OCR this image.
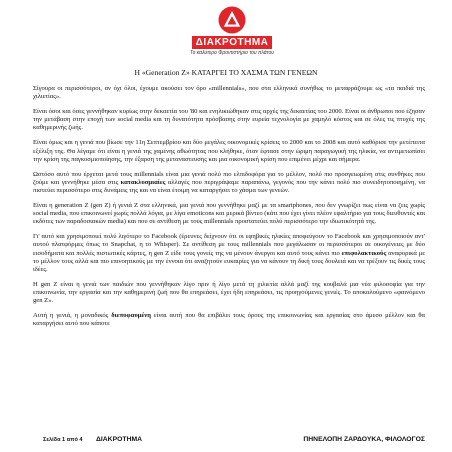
ΔΙΑΚΡΟΤΗΜΑ
Το καλύτερο Φροντιστήριο του πλάτου
Η «Generation Z» ΚΑΤΑΡΓΕΙ ΤΟ ΧΑΣΜΑ ΤΩΝ ΓΕΝΕΩΝ

Σίγουρα οι περισσότεροι, αν όχι όλοι, έχουμε ακούσει τον όρο «millennials», που στα ελληνικά συνήθως το μεταφράζουμε ως «τα παιδιά της χιλιετίας».

Είναι όσοι και όσες γεννήθηκαν κυρίως στην δεκαετία του '80 και ενηλικιώθηκαν στις αρχές της δεκαετίας του 2000. Είναι οι άνθρωποι που έζησαν την μετάβαση στην εποχή των social media και τη δυνατότητα πρόσβασης στην ευρεία τεχνολογία με χαμηλό κόστος και σε όλες τις πτυχές της καθημερινής ζωής.

Είναι όμως και η γενιά που βίωσε την 11η Σεπτεμβρίου και δύο μεγάλες οικονομικές κρίσεις το 2000 και το 2008 και αυτό καθόρισε την μετέπειτα εξέλιξη της. Θα λέγαμε ότι είναι η γενιά της χαμένης αθωότητας που κλήθηκε, όταν έφτασε στην ώριμη παραγωγική της ηλικία, να αντιμετωπίσει την κρίση της παγκοσμιοποίησης, την έξαρση της μεταναστευσης και μια οικονομική κρίση που επιμένει μέχρι και σήμερα.

Ωστόσο αυτό που έρχεται μετά τους millennials είναι μια γενιά πολύ πιο ελπιδοφόρα για το μέλλον, πολύ πιο προσγειωμένη στις συνθήκες που ζούμε και γεννήθηκε μέσα στις κατακλυσμιαίες αλλαγές που περιγράψαμε παραπάνω, γεγονός που την κάνει πολύ πιο συνειδητοποιημένη, να πιστεύει περισσότερο στις δυνάμεις της και να είναι έτοιμη να καταργήσει το χάσμα των γενεών.

Είναι η generation Z (gen Z) ή γενιά Z στα ελληνικά, μια γενιά που γεννήθηκε μαζί με τα smartphones, που δεν γνωρίζει πως είναι να ζεις χωρίς social media, που επικοινωνεί χωρίς πολλά λόγια, με λίγα emoticons και μερικά βίντεο (κάτι που έχει γίνει πλέον εφαλτήριο για τους διευθυντές και εκδότες των παραδοσιακών media) και που σε αντίθεση με τους millennials προστατεύει πολύ περισσότερο την ιδιωτικότητά της.

Γι' αυτό και χρησιμοποιεί πολύ λιγότερο το Facebook (έρευνες δείχνουν ότι οι εφηβικές ηλικίες αποφεύγουν το Facebook και χρησιμοποιούν αντ' αυτού πλατφόρμες όπως το Snapchat, η το Whisper). Σε αντίθεση με τους millennials που μεγάλωσαν οι περισσότεροι σε οικογένειες με δύο εισοδήματα και πολλές πιστωτικές κάρτες, η gen Z είδε τους γονείς της να μένουν άνεργοι και αυτό τους κάνει πιο επιφυλακτικούς αναφορικά με το μέλλον τους αλλά και πιο επινοητικούς με την έννοια ότι αναζητούν ευκαιρίες για να κάνουν τη δική τους δουλειά και να τρέξουν τις δικές τους ιδέες.

Η gen Z είναι η γενιά των παιδιών που γεννήθηκαν λίγο πριν ή λίγο μετά τη χιλιετία αλλά μαζί της κουβαλά μια νέα φιλοσοφία για την επικοινωνία, την εργασία και την καθημερινή ζωή που θα επηρεάσει, έχει ήδη επηρεάσει, τις προηγούμενες γενιές. Το αποκαλούμενο «φαινόμενο gen Z».

Αυτή η γενιά, η μοναδικός διεπυφαυμένη είναι αυτή που θα επιβάλει τους όρους της επικοινωνίας και εργασίας στο άμεσο μέλλον και θα καταργήσει αυτό που κάποτε

Σελίδα 1 από 4 ΔΙΑΚΡΟΤΗΜΑ	ΠΗΝΕΛΟΠΗ ΖΑΡΔΟΥΚΑ, ΦΙΛΟΛΟΓΟΣ
